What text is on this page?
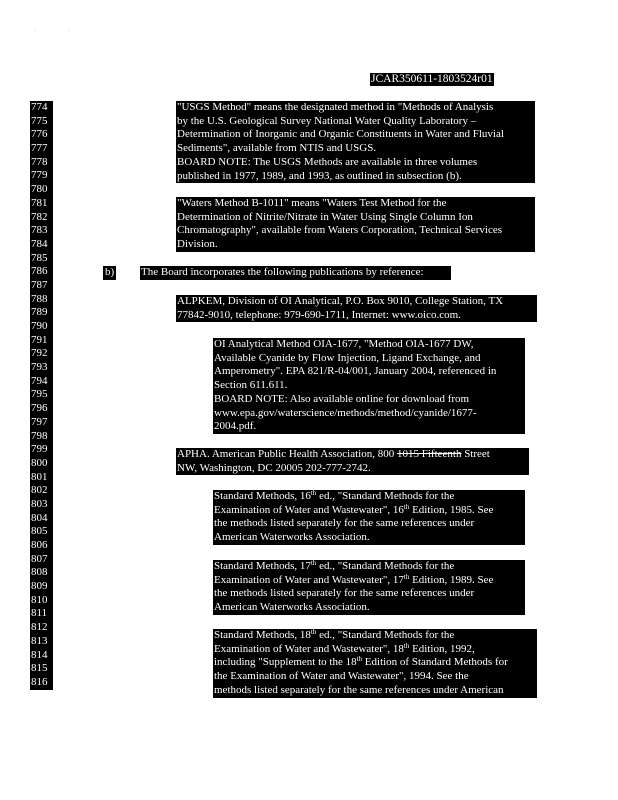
·	·
JCAR350611-1803524r01
774
775
776
777
778
779
780
781
782
783
784
785
786
787
788
789
790
791
792
793
794
795
796
797
798
799
800
801
802
803
804
805
806
807
808
809
810
811
812
813
814
815
816
"USGS Method" means the designated method in "Methods of Analysis
by the U.S. Geological Survey National Water Quality Laboratory –
Determination of Inorganic and Organic Constituents in Water and Fluvial
Sediments", available from NTIS and USGS.
BOARD NOTE: The USGS Methods are available in three volumes
published in 1977, 1989, and 1993, as outlined in subsection (b).
"Waters Method B-1011" means "Waters Test Method for the
Determination of Nitrite/Nitrate in Water Using Single Column Ion
Chromatography", available from Waters Corporation, Technical Services
Division.
b) The Board incorporates the following publications by reference:
ALPKEM, Division of OI Analytical, P.O. Box 9010, College Station, TX
77842-9010, telephone: 979-690-1711, Internet: www.oico.com.
OI Analytical Method OIA-1677, "Method OIA-1677 DW,
Available Cyanide by Flow Injection, Ligand Exchange, and
Amperometry". EPA 821/R-04/001, January 2004, referenced in
Section 611.611.
BOARD NOTE: Also available online for download from
www.epa.gov/waterscience/methods/method/cyanide/1677-
2004.pdf.
APHA. American Public Health Association, 800 1015 Fifteenth Street
NW, Washington, DC 20005 202-777-2742.
Standard Methods, 16th ed., "Standard Methods for the
Examination of Water and Wastewater", 16th Edition, 1985. See
the methods listed separately for the same references under
American Waterworks Association.
Standard Methods, 17th ed., "Standard Methods for the
Examination of Water and Wastewater", 17th Edition, 1989. See
the methods listed separately for the same references under
American Waterworks Association.
Standard Methods, 18th ed., "Standard Methods for the
Examination of Water and Wastewater", 18th Edition, 1992,
including "Supplement to the 18th Edition of Standard Methods for
the Examination of Water and Wastewater", 1994. See the
methods listed separately for the same references under American
